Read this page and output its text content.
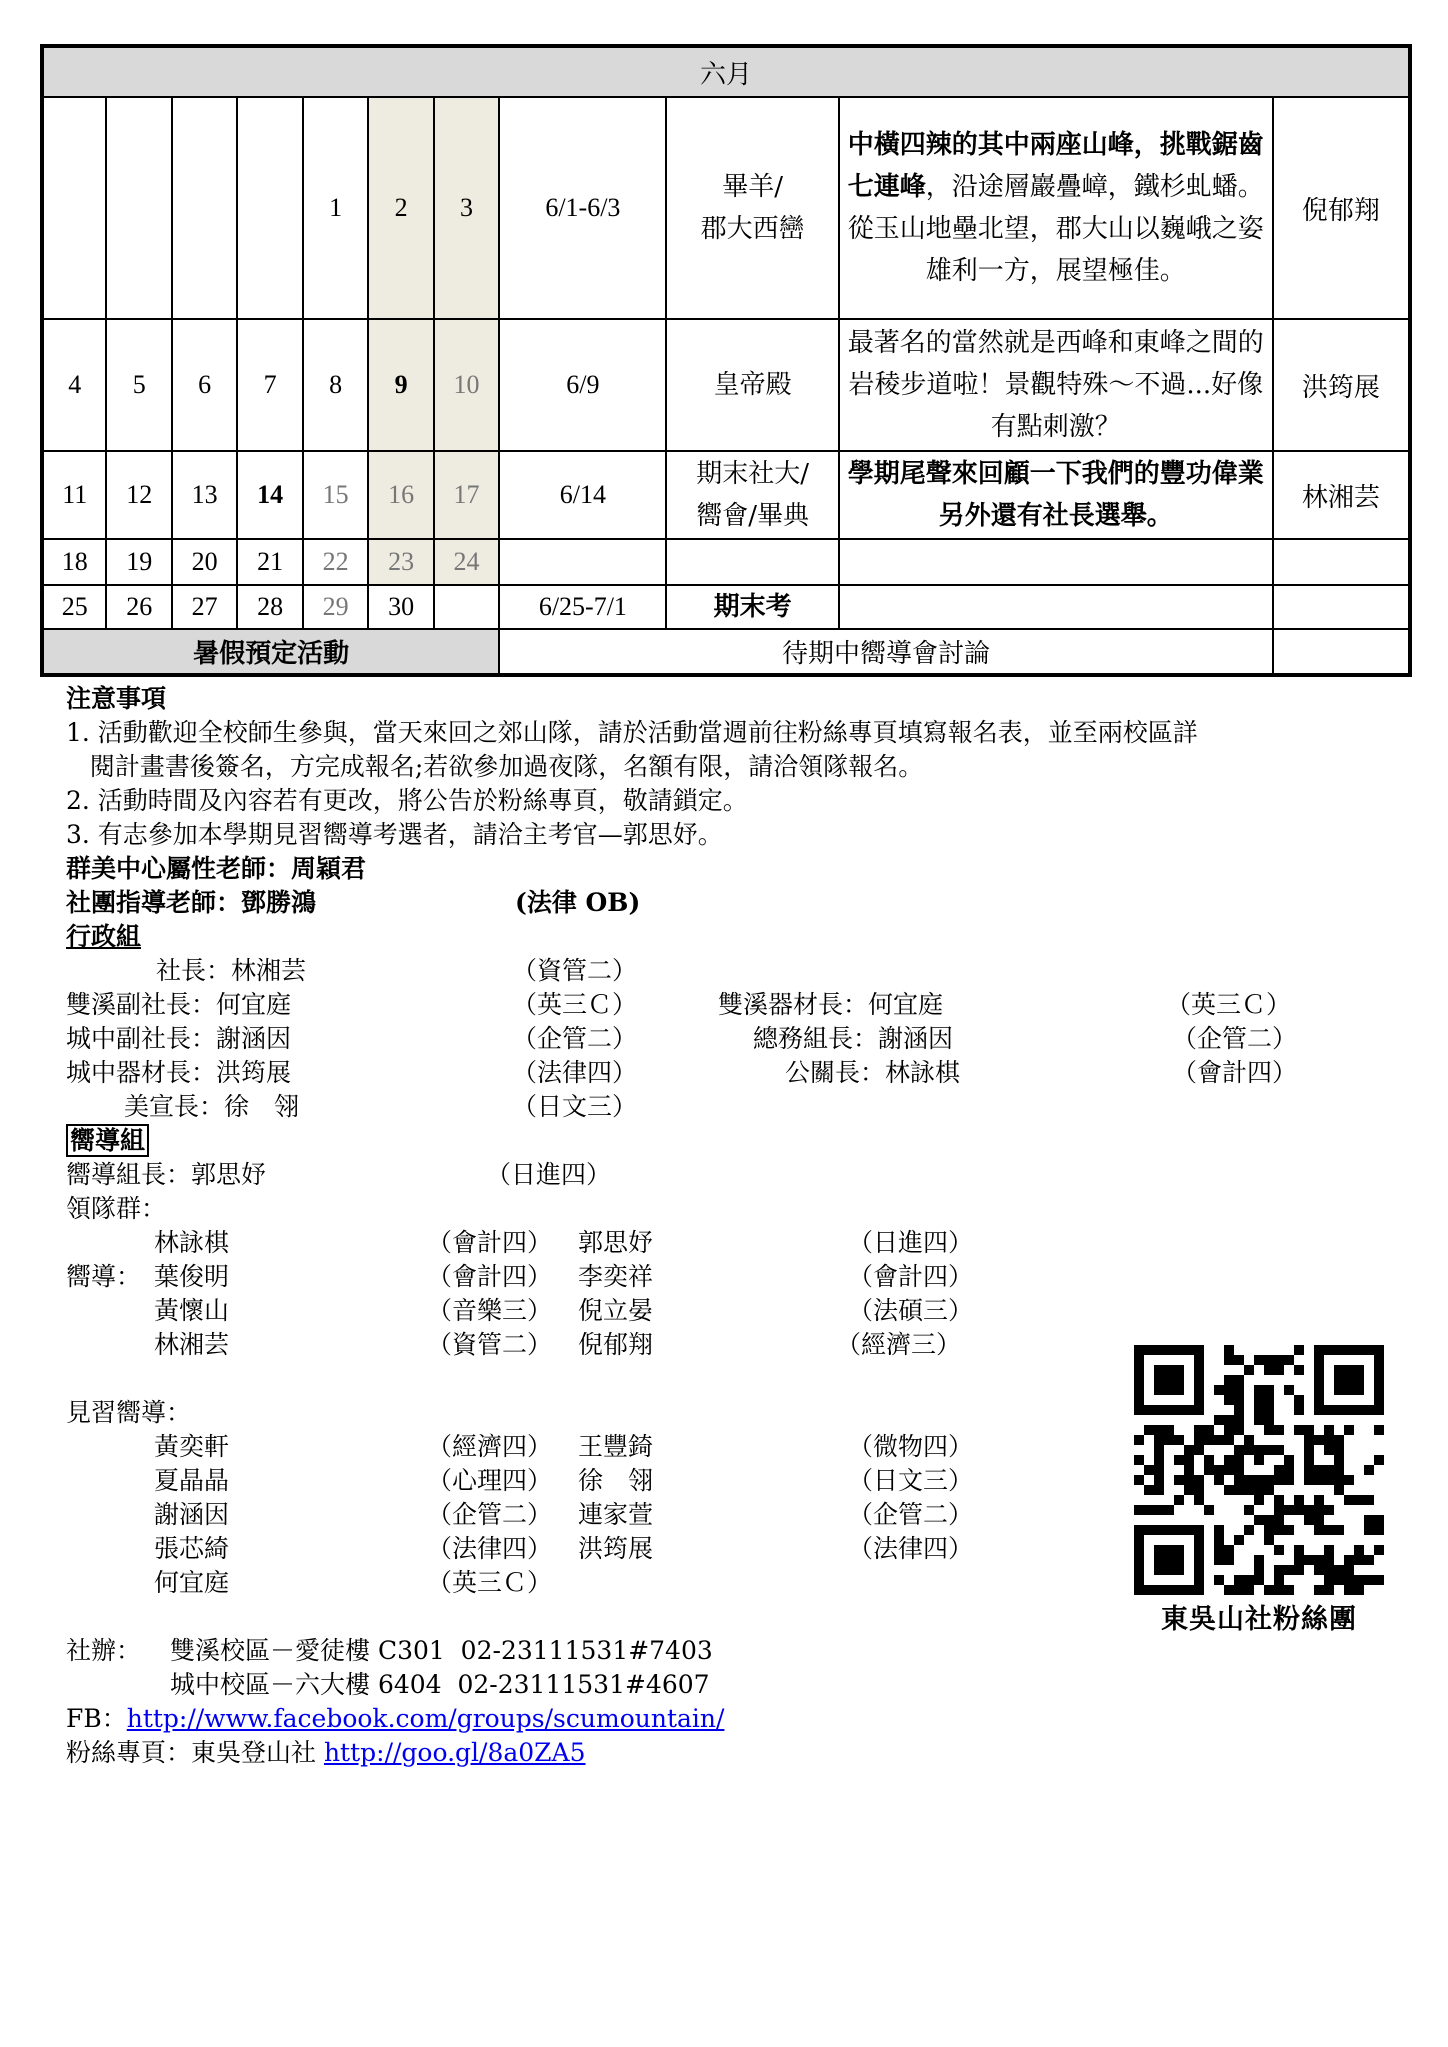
六月										
				1	2	3	6/1-6/3	畢羊/
郡大西巒	中橫四辣的其中兩座山峰，挑戰鋸齒七連峰，沿途層巖疊嶂，鐵杉虬蟠。從玉山地壘北望，郡大山以巍峨之姿雄利一方，展望極佳。	倪郁翔
4	5	6	7	8	9	10	6/9	皇帝殿	最著名的當然就是西峰和東峰之間的岩稜步道啦！景觀特殊～不過...好像有點刺激？	洪筠展
11	12	13	14	15	16	17	6/14	期末社大/
嚮會/畢典	學期尾聲來回顧一下我們的豐功偉業另外還有社長選舉。	林湘芸
18	19	20	21	22	23	24				
25	26	27	28	29	30		6/25-7/1	期末考		
暑假預定活動							待期中嚮導會討論			
注意事項
1. 活動歡迎全校師生參與，當天來回之郊山隊，請於活動當週前往粉絲專頁填寫報名表，並至兩校區詳
閱計畫書後簽名，方完成報名;若欲參加過夜隊，名額有限，請洽領隊報名。
2. 活動時間及內容若有更改，將公告於粉絲專頁，敬請鎖定。
3. 有志參加本學期見習嚮導考選者，請洽主考官—郭思妤。
群美中心屬性老師：周穎君
社團指導老師：鄧勝鴻	(法律 OB)
行政組
社長：林湘芸	（資管二）
雙溪副社長：何宜庭	（英三Ｃ）	雙溪器材長：何宜庭	（英三Ｃ）
城中副社長：謝涵因	（企管二）	總務組長：謝涵因	（企管二）
城中器材長：洪筠展	（法律四）	公關長：林詠棋	（會計四）
美宣長：徐　翎	（日文三）
嚮導組
嚮導組長：郭思妤	（日進四）
領隊群：
林詠棋	（會計四） 郭思妤	（日進四）
嚮導： 葉俊明	（會計四） 李奕祥	（會計四）
黃懷山	（音樂三） 倪立晏	（法碩三）
林湘芸	（資管二） 倪郁翔	（經濟三）
見習嚮導：
黃奕軒	（經濟四） 王豐錡	（微物四）
夏晶晶	（心理四） 徐　翎	（日文三）
謝涵因	（企管二） 連家萱	（企管二）
張芯綺	（法律四） 洪筠展	（法律四）
何宜庭	（英三Ｃ）
社辦： 雙溪校區－愛徒樓 C301  02-23111531#7403
城中校區－六大樓 6404  02-23111531#4607
FB：http://www.facebook.com/groups/scumountain/
粉絲專頁：東吳登山社 http://goo.gl/8a0ZA5
東吳山社粉絲團
